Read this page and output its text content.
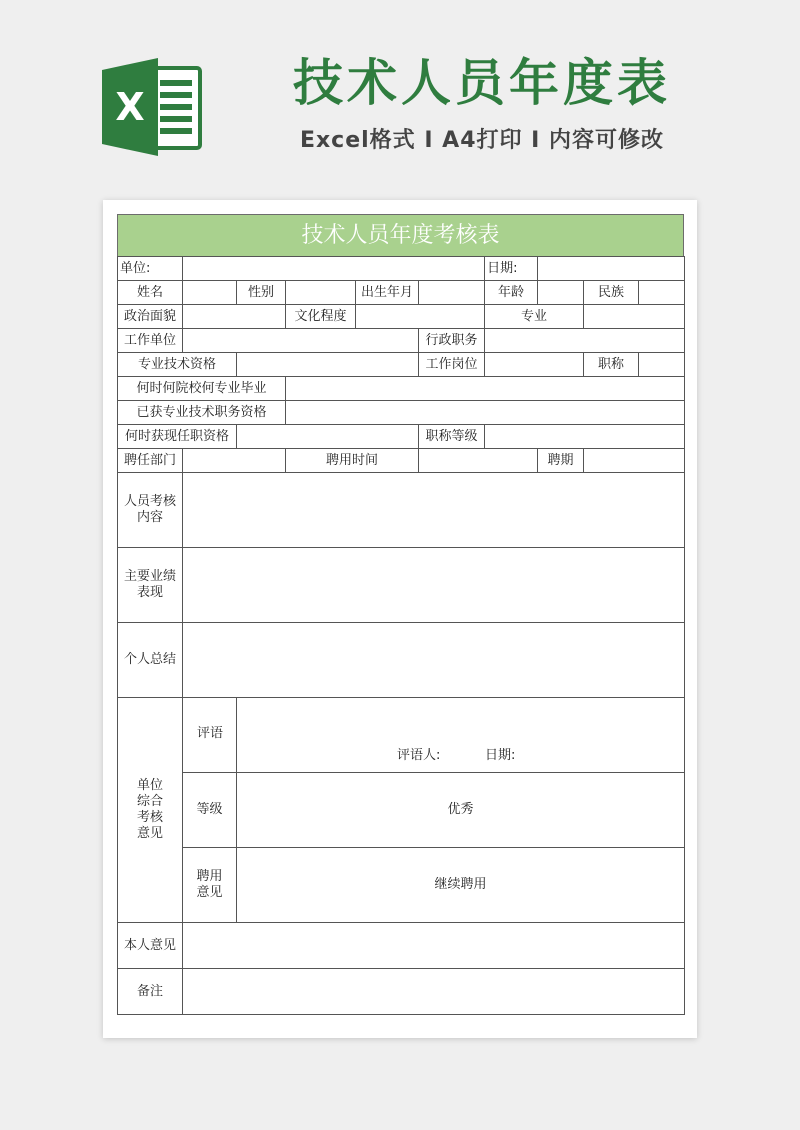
X	技术人员年度表
Excel格式 I A4打印 I 内容可修改
技术人员年度考核表
单位:						日期:			
姓名		性别		出生年月		年龄		民族	
政治面貌			文化程度			专业			
工作单位					行政职务				
专业技术资格					工作岗位			职称	
何时何院校何专业毕业									
已获专业技术职务资格									
何时获现任职资格					职称等级				
聘任部门			聘用时间				聘期		

人员考核
内容									

主要业绩
表现									

个人总结									

单位
综合
考核
意见	评语	评语人: 日期:							

	等级	优秀							

	聘用
意见	继续聘用							
本人意见									
备注									
